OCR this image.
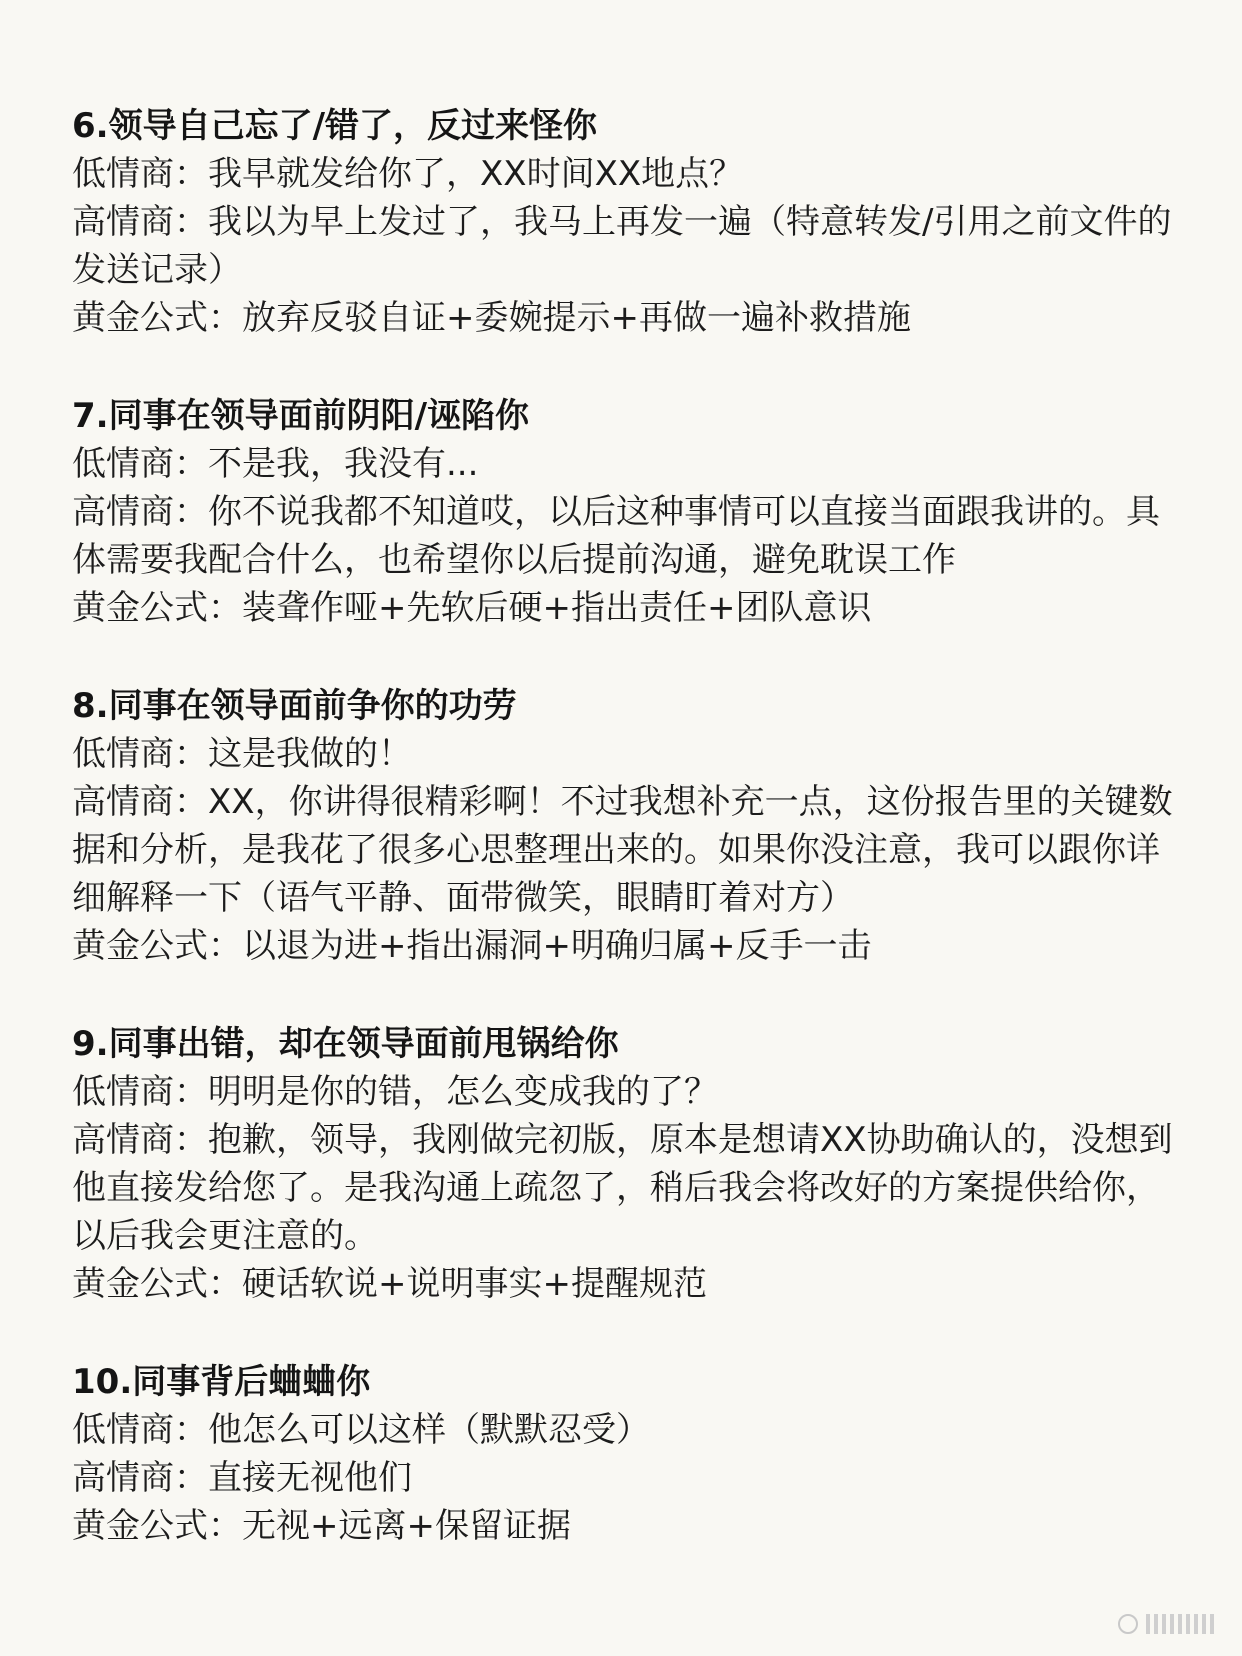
6.领导自己忘了/错了，反过来怪你

低情商：我早就发给你了，XX时间XX地点？

高情商：我以为早上发过了，我马上再发一遍（特意转发/引用之前文件的发送记录）

黄金公式：放弃反驳自证+委婉提示+再做一遍补救措施

7.同事在领导面前阴阳/诬陷你

低情商：不是我，我没有...

高情商：你不说我都不知道哎，以后这种事情可以直接当面跟我讲的。具体需要我配合什么，也希望你以后提前沟通，避免耽误工作

黄金公式：装聋作哑+先软后硬+指出责任+团队意识

8.同事在领导面前争你的功劳

低情商：这是我做的！

高情商：XX，你讲得很精彩啊！不过我想补充一点，这份报告里的关键数据和分析，是我花了很多心思整理出来的。如果你没注意，我可以跟你详细解释一下（语气平静、面带微笑，眼睛盯着对方）

黄金公式：以退为进+指出漏洞+明确归属+反手一击

9.同事出错，却在领导面前甩锅给你

低情商：明明是你的错，怎么变成我的了？

高情商：抱歉，领导，我刚做完初版，原本是想请XX协助确认的，没想到他直接发给您了。是我沟通上疏忽了，稍后我会将改好的方案提供给你，以后我会更注意的。

黄金公式：硬话软说+说明事实+提醒规范

10.同事背后蛐蛐你

低情商：他怎么可以这样（默默忍受）

高情商：直接无视他们

黄金公式：无视+远离+保留证据
